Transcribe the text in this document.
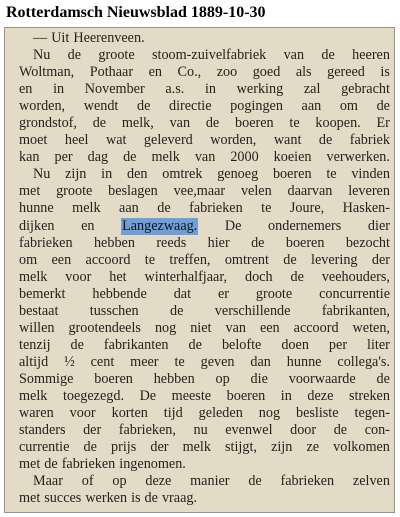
Rotterdamsch Nieuwsblad 1889-10-30
— Uit Heerenveen.
Nu de groote stoom-zuivelfabriek van de heeren
Woltman, Pothaar en Co., zoo goed als gereed is
en in November a.s. in werking zal gebracht
worden, wendt de directie pogingen aan om de
grondstof, de melk, van de boeren te koopen. Er
moet heel wat geleverd worden, want de fabriek
kan per dag de melk van 2000 koeien verwerken.
Nu zijn in den omtrek genoeg boeren te vinden
met groote beslagen vee,maar velen daarvan leveren
hunne melk aan de fabrieken te Joure, Hasken-
dijken en Langezwaag. De ondernemers dier
fabrieken hebben reeds hier de boeren bezocht
om een accoord te treffen, omtrent de levering der
melk voor het winterhalfjaar, doch de veehouders,
bemerkt hebbende dat er groote concurrentie
bestaat tusschen de verschillende fabrikanten,
willen grootendeels nog niet van een accoord weten,
tenzij de fabrikanten de belofte doen per liter
altijd ½ cent meer te geven dan hunne collega's.
Sommige boeren hebben op die voorwaarde de
melk toegezegd. De meeste boeren in deze streken
waren voor korten tijd geleden nog besliste tegen-
standers der fabrieken, nu evenwel door de con-
currentie de prijs der melk stijgt, zijn ze volkomen
met de fabrieken ingenomen.
Maar of op deze manier de fabrieken zelven
met succes werken is de vraag.
